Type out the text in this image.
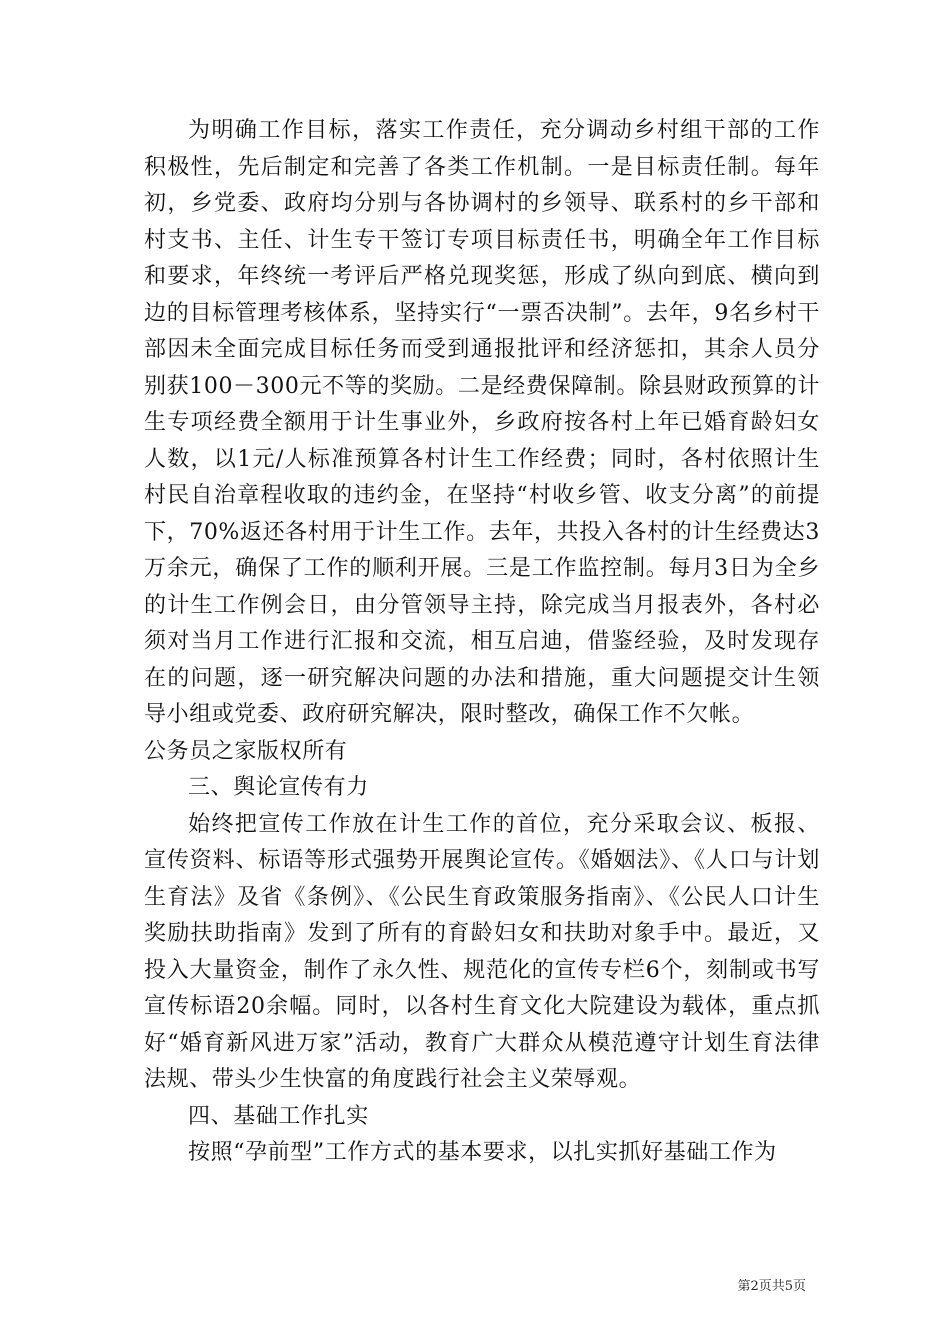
为明确工作目标，落实工作责任，充分调动乡村组干部的工作积极性，先后制定和完善了各类工作机制。一是目标责任制。每年初，乡党委、政府均分别与各协调村的乡领导、联系村的乡干部和村支书、主任、计生专干签订专项目标责任书，明确全年工作目标和要求，年终统一考评后严格兑现奖惩，形成了纵向到底、横向到边的目标管理考核体系，坚持实行“一票否决制”。去年，9名乡村干部因未全面完成目标任务而受到通报批评和经济惩扣，其余人员分别获100－300元不等的奖励。二是经费保障制。除县财政预算的计生专项经费全额用于计生事业外，乡政府按各村上年已婚育龄妇女人数，以1元/人标准预算各村计生工作经费；同时，各村依照计生村民自治章程收取的违约金，在坚持“村收乡管、收支分离”的前提下，70%返还各村用于计生工作。去年，共投入各村的计生经费达3万余元，确保了工作的顺利开展。三是工作监控制。每月3日为全乡的计生工作例会日，由分管领导主持，除完成当月报表外，各村必须对当月工作进行汇报和交流，相互启迪，借鉴经验，及时发现存在的问题，逐一研究解决问题的办法和措施，重大问题提交计生领导小组或党委、政府研究解决，限时整改，确保工作不欠帐。

公务员之家版权所有

三、舆论宣传有力

始终把宣传工作放在计生工作的首位，充分采取会议、板报、宣传资料、标语等形式强势开展舆论宣传。《婚姻法》、《人口与计划生育法》及省《条例》、《公民生育政策服务指南》、《公民人口计生奖励扶助指南》发到了所有的育龄妇女和扶助对象手中。最近，又投入大量资金，制作了永久性、规范化的宣传专栏6个，刻制或书写宣传标语20余幅。同时，以各村生育文化大院建设为载体，重点抓好“婚育新风进万家”活动，教育广大群众从模范遵守计划生育法律法规、带头少生快富的角度践行社会主义荣辱观。

四、基础工作扎实

按照“孕前型”工作方式的基本要求，以扎实抓好基础工作为

第2页共5页
